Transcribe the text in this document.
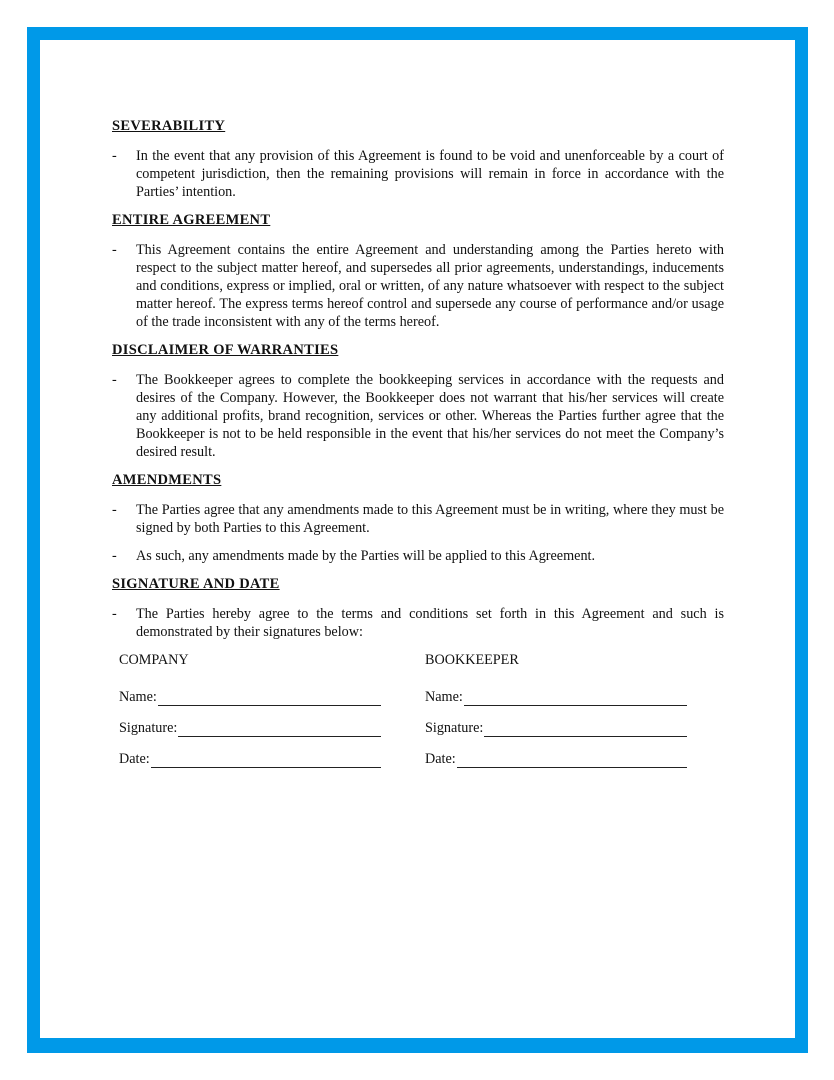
SEVERABILITY
- In the event that any provision of this Agreement is found to be void and unenforceable by a court of competent jurisdiction, then the remaining provisions will remain in force in accordance with the Parties’ intention.
ENTIRE AGREEMENT
- This Agreement contains the entire Agreement and understanding among the Parties hereto with respect to the subject matter hereof, and supersedes all prior agreements, understandings, inducements and conditions, express or implied, oral or written, of any nature whatsoever with respect to the subject matter hereof. The express terms hereof control and supersede any course of performance and/or usage of the trade inconsistent with any of the terms hereof.
DISCLAIMER OF WARRANTIES
- The Bookkeeper agrees to complete the bookkeeping services in accordance with the requests and desires of the Company. However, the Bookkeeper does not warrant that his/her services will create any additional profits, brand recognition, services or other. Whereas the Parties further agree that the Bookkeeper is not to be held responsible in the event that his/her services do not meet the Company’s desired result.
AMENDMENTS
- The Parties agree that any amendments made to this Agreement must be in writing, where they must be signed by both Parties to this Agreement.
- As such, any amendments made by the Parties will be applied to this Agreement.
SIGNATURE AND DATE
- The Parties hereby agree to the terms and conditions set forth in this Agreement and such is demonstrated by their signatures below:
COMPANY
Name:
Signature:
Date:
BOOKKEEPER
Name:
Signature:
Date:
